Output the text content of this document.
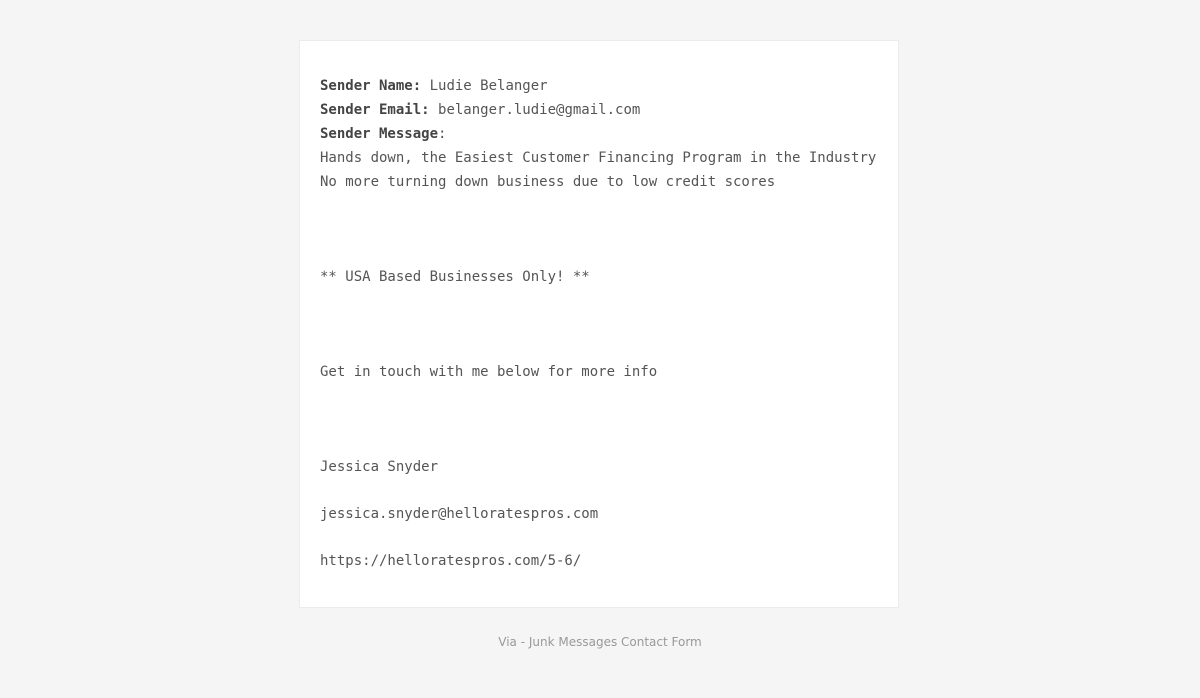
Sender Name: Ludie Belanger
Sender Email: belanger.ludie@gmail.com
Sender Message:
Hands down, the Easiest Customer Financing Program in the Industry No more turning down business due to low credit scores
** USA Based Businesses Only! **
Get in touch with me below for more info
Jessica Snyder
jessica.snyder@helloratespros.com
https://helloratespros.com/5-6/
Via - Junk Messages Contact Form
